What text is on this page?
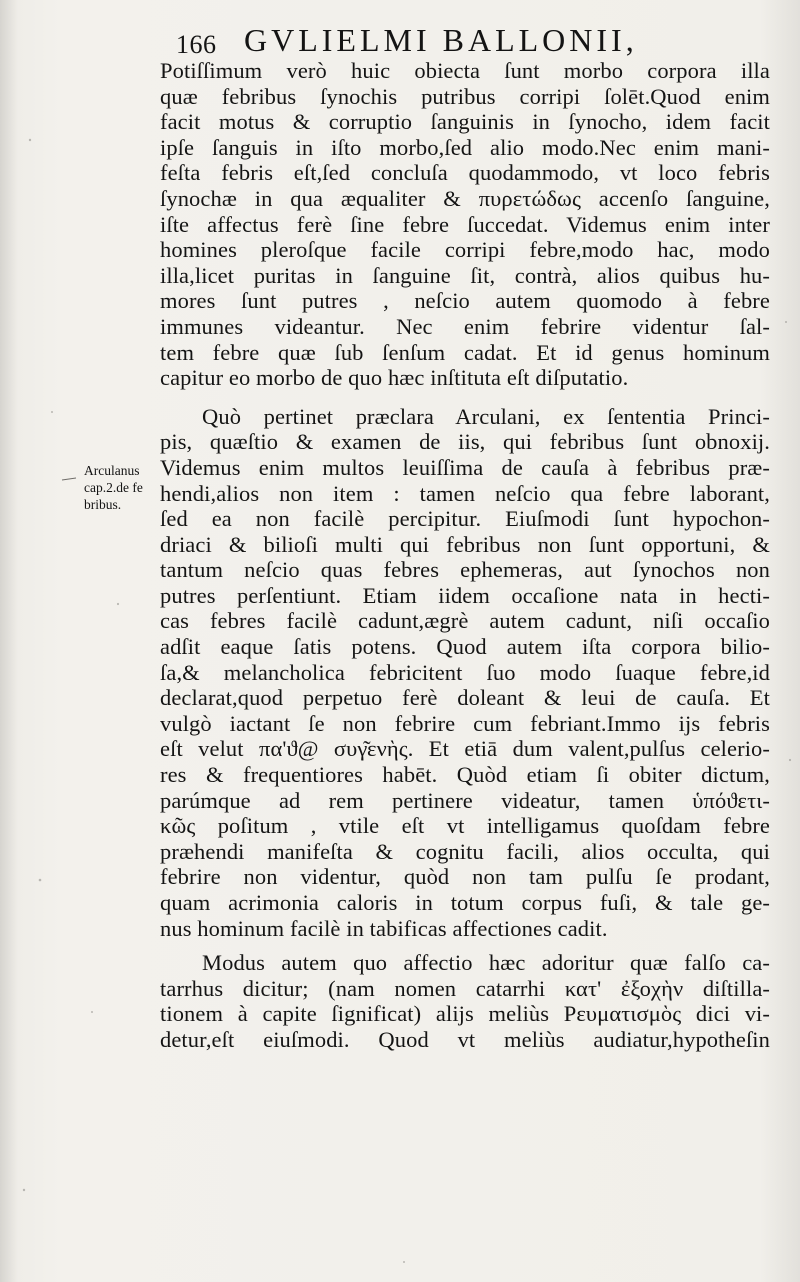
166 GVLIELMI BALLONII,
Arculanus
cap.2.de fe
bribus.
Potiſſimum verò huic obiecta ſunt morbo corpora illa
quæ febribus ſynochis putribus corripi ſolēt.Quod enim
facit motus & corruptio ſanguinis in ſynocho, idem facit
ipſe ſanguis in iſto morbo,ſed alio modo.Nec enim mani-
feſta febris eſt,ſed concluſa quodammodo, vt loco febris
ſynochæ in qua æqualiter & πυρετώδως accenſo ſanguine,
iſte affectus ferè ſine febre ſuccedat. Videmus enim inter
homines pleroſque facile corripi febre,modo hac, modo
illa,licet puritas in ſanguine ſit, contrà, alios quibus hu-
mores ſunt putres , neſcio autem quomodo à febre
immunes videantur. Nec enim febrire videntur ſal-
tem febre quæ ſub ſenſum cadat. Et id genus hominum
capitur eo morbo de quo hæc inſtituta eſt diſputatio.
Quò pertinet præclara Arculani, ex ſententia Princi-
pis, quæſtio & examen de iis, qui febribus ſunt obnoxij.
Videmus enim multos leuiſſima de cauſa à febribus præ-
hendi,alios non item : tamen neſcio qua febre laborant,
ſed ea non facilè percipitur. Eiuſmodi ſunt hypochon-
driaci & bilioſi multi qui febribus non ſunt opportuni, &
tantum neſcio quas febres ephemeras, aut ſynochos non
putres perſentiunt. Etiam iidem occaſione nata in hecti-
cas febres facilè cadunt,ægrè autem cadunt, niſi occaſio
adſit eaque ſatis potens. Quod autem iſta corpora bilio-
ſa,& melancholica febricitent ſuo modo ſuaque febre,id
declarat,quod perpetuo ferè doleant & leui de cauſa. Et
vulgò iactant ſe non febrire cum febriant.Immo ijs febris
eſt velut πα'ϑ@ συγ͂ενὴς. Et etiā dum valent,pulſus celerio-
res & frequentiores habēt. Quòd etiam ſi obiter dictum,
parúmque ad rem pertinere videatur, tamen ὑπόϑετι-
κῶς poſitum , vtile eſt vt intelligamus quoſdam febre
præhendi manifeſta & cognitu facili, alios occulta, qui
febrire non videntur, quòd non tam pulſu ſe prodant,
quam acrimonia caloris in totum corpus fuſi, & tale ge-
nus hominum facilè in tabificas affectiones cadit.
Modus autem quo affectio hæc adoritur quæ falſo ca-
tarrhus dicitur; (nam nomen catarrhi κατ' ἐξοχὴν diſtilla-
tionem à capite ſignificat) alijs meliùs Ρευματισμὸς dici vi-
detur,eſt eiuſmodi. Quod vt meliùs audiatur,hypotheſin
